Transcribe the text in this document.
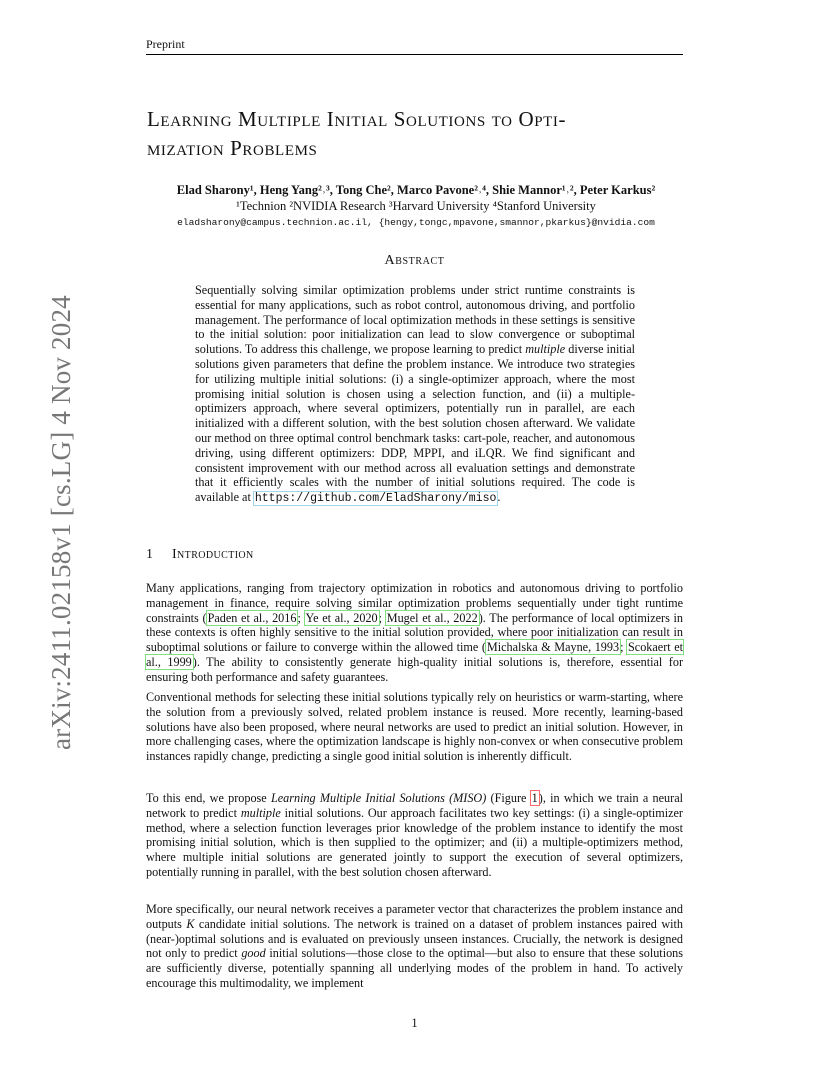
Preprint
arXiv:2411.02158v1 [cs.LG] 4 Nov 2024
Learning Multiple Initial Solutions to Opti-
mization Problems
Elad Sharony¹, Heng Yang²˒³, Tong Che², Marco Pavone²˒⁴, Shie Mannor¹˒², Peter Karkus²
¹Technion ²NVIDIA Research ³Harvard University ⁴Stanford University
eladsharony@campus.technion.ac.il, {hengy,tongc,mpavone,smannor,pkarkus}@nvidia.com
Abstract
Sequentially solving similar optimization problems under strict runtime constraints is essential for many applications, such as robot control, autonomous driving, and portfolio management. The performance of local optimization methods in these settings is sensitive to the initial solution: poor initialization can lead to slow convergence or suboptimal solutions. To address this challenge, we propose learning to predict multiple diverse initial solutions given parameters that define the problem instance. We introduce two strategies for utilizing multiple initial solutions: (i) a single-optimizer approach, where the most promising initial solution is chosen using a selection function, and (ii) a multiple-optimizers approach, where several optimizers, potentially run in parallel, are each initialized with a different solution, with the best solution chosen afterward. We validate our method on three optimal control benchmark tasks: cart-pole, reacher, and autonomous driving, using different optimizers: DDP, MPPI, and iLQR. We find significant and consistent improvement with our method across all evaluation settings and demonstrate that it efficiently scales with the number of initial solutions required. The code is available at https://github.com/EladSharony/miso.
1 Introduction
Many applications, ranging from trajectory optimization in robotics and autonomous driving to portfolio management in finance, require solving similar optimization problems sequentially under tight runtime constraints (Paden et al., 2016; Ye et al., 2020; Mugel et al., 2022). The performance of local optimizers in these contexts is often highly sensitive to the initial solution provided, where poor initialization can result in suboptimal solutions or failure to converge within the allowed time (Michalska & Mayne, 1993; Scokaert et al., 1999). The ability to consistently generate high-quality initial solutions is, therefore, essential for ensuring both performance and safety guarantees.
Conventional methods for selecting these initial solutions typically rely on heuristics or warm-starting, where the solution from a previously solved, related problem instance is reused. More recently, learning-based solutions have also been proposed, where neural networks are used to predict an initial solution. However, in more challenging cases, where the optimization landscape is highly non-convex or when consecutive problem instances rapidly change, predicting a single good initial solution is inherently difficult.
To this end, we propose Learning Multiple Initial Solutions (MISO) (Figure 1), in which we train a neural network to predict multiple initial solutions. Our approach facilitates two key settings: (i) a single-optimizer method, where a selection function leverages prior knowledge of the problem instance to identify the most promising initial solution, which is then supplied to the optimizer; and (ii) a multiple-optimizers method, where multiple initial solutions are generated jointly to support the execution of several optimizers, potentially running in parallel, with the best solution chosen afterward.
More specifically, our neural network receives a parameter vector that characterizes the problem instance and outputs K candidate initial solutions. The network is trained on a dataset of problem instances paired with (near-)optimal solutions and is evaluated on previously unseen instances. Crucially, the network is designed not only to predict good initial solutions—those close to the optimal—but also to ensure that these solutions are sufficiently diverse, potentially spanning all underlying modes of the problem in hand. To actively encourage this multimodality, we implement
1
